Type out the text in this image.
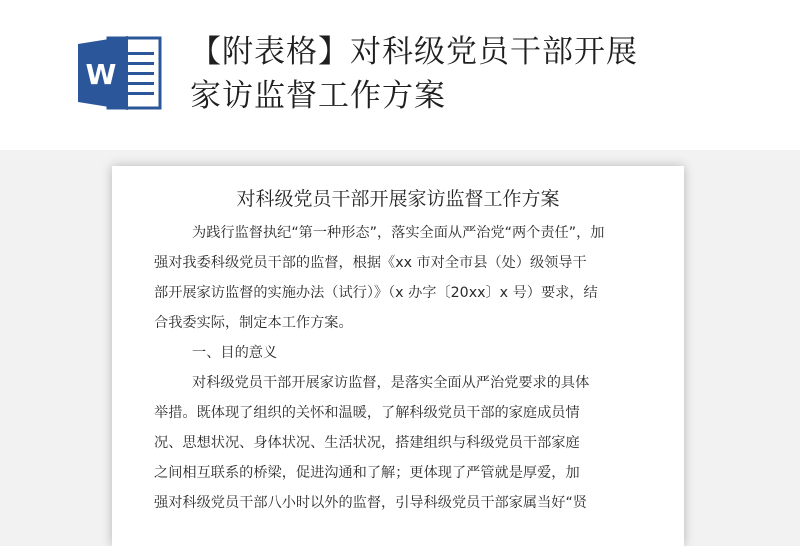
W
【附表格】对科级党员干部开展
家访监督工作方案
对科级党员干部开展家访监督工作方案
为践行监督执纪“第一种形态”，落实全面从严治党“两个责任”，加
强对我委科级党员干部的监督，根据《xx 市对全市县（处）级领导干
部开展家访监督的实施办法（试行）》（x 办字〔20xx〕x 号）要求，结
合我委实际，制定本工作方案。
一、目的意义
对科级党员干部开展家访监督，是落实全面从严治党要求的具体
举措。既体现了组织的关怀和温暖，了解科级党员干部的家庭成员情
况、思想状况、身体状况、生活状况，搭建组织与科级党员干部家庭
之间相互联系的桥梁，促进沟通和了解；更体现了严管就是厚爱，加
强对科级党员干部八小时以外的监督，引导科级党员干部家属当好“贤
